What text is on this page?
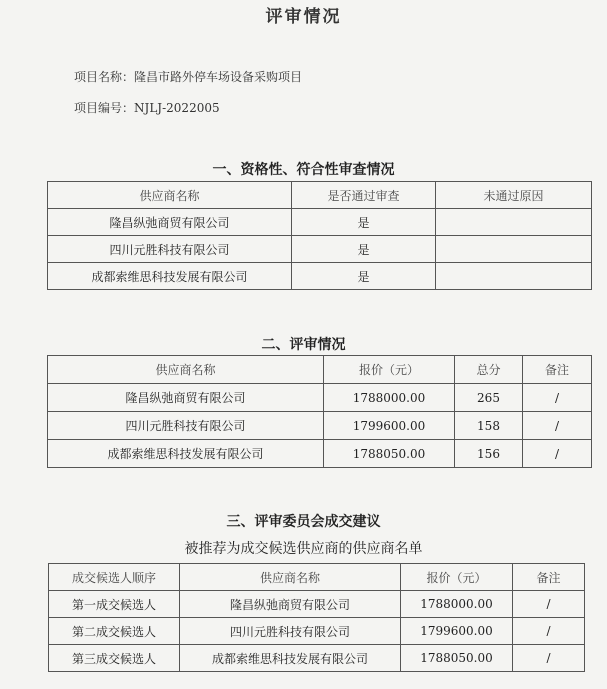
评审情况
项目名称：隆昌市路外停车场设备采购项目
项目编号：NJLJ-2022005
一、资格性、符合性审查情况
供应商名称	是否通过审查	未通过原因
隆昌纵弛商贸有限公司	是	
四川元胜科技有限公司	是	
成都索维思科技发展有限公司	是	
二、评审情况
供应商名称	报价（元）	总分	备注
隆昌纵弛商贸有限公司	1788000.00	265	/
四川元胜科技有限公司	1799600.00	158	/
成都索维思科技发展有限公司	1788050.00	156	/
三、评审委员会成交建议
被推荐为成交候选供应商的供应商名单
成交候选人顺序	供应商名称	报价（元）	备注
第一成交候选人	隆昌纵弛商贸有限公司	1788000.00	/
第二成交候选人	四川元胜科技有限公司	1799600.00	/
第三成交候选人	成都索维思科技发展有限公司	1788050.00	/
